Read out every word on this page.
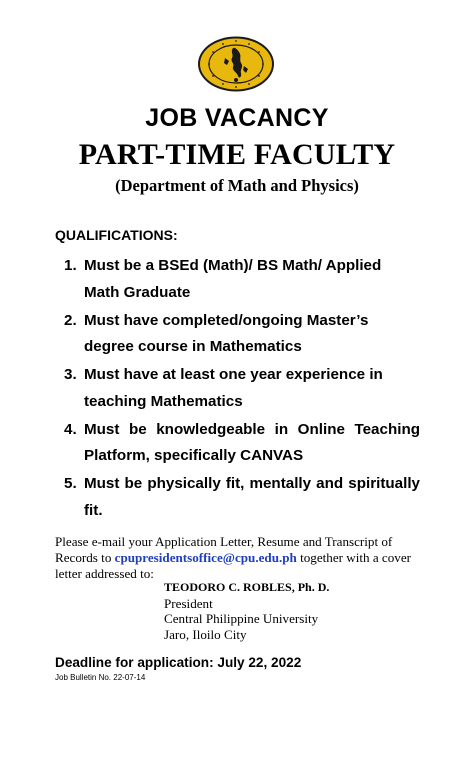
JOB VACANCY
PART-TIME FACULTY
(Department of Math and Physics)
QUALIFICATIONS:
1. Must be a BSEd (Math)/ BS Math/ Applied Math Graduate
2. Must have completed/ongoing Master’s degree course in Mathematics
3. Must have at least one year experience in teaching Mathematics
4. Must be knowledgeable in Online Teaching Platform, specifically CANVAS
5. Must be physically fit, mentally and spiritually fit.
Please e-mail your Application Letter, Resume and Transcript of Records to cpupresidentsoffice@cpu.edu.ph together with a cover letter addressed to:
TEODORO C. ROBLES, Ph. D.
President
Central Philippine University
Jaro, Iloilo City
Deadline for application: July 22, 2022
Job Bulletin No. 22-07-14
